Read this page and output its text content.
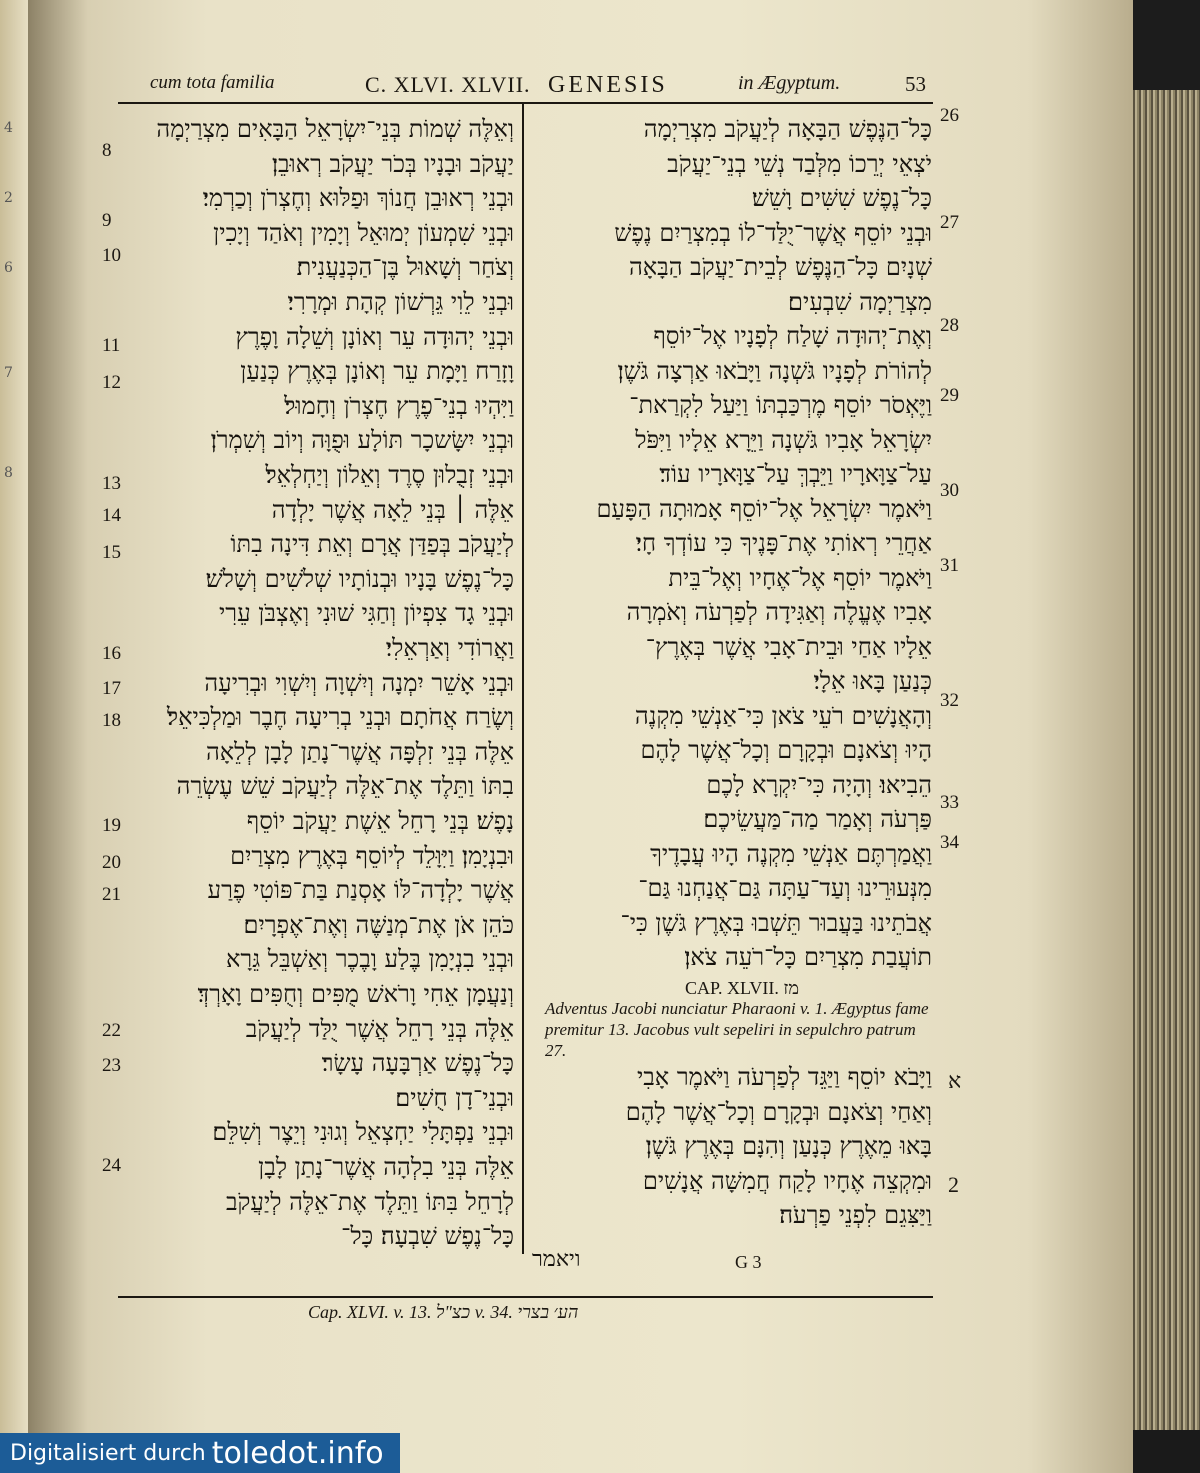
4
2
6
7
8
cum tota familia	C. XLVI. XLVII. GENESIS	in Ægyptum.	53
וְאֵלֶּה שְׁמוֹת בְּנֵי־יִשְׂרָאֵל הַבָּאִים מִצְרַיְמָה
יַעֲקֹב וּבָנָיו בְּכֹר יַעֲקֹב רְאוּבֵן׃
וּבְנֵי רְאוּבֵן חֲנוֹךְ וּפַלּוּא וְחֶצְרֹן וְכַרְמִי׃
וּבְנֵי שִׁמְעוֹן יְמוּאֵל וְיָמִין וְאֹהַד וְיָכִין
וְצֹחַר וְשָׁאוּל בֶּן־הַכְּנַעֲנִית׃
וּבְנֵי לֵוִי גֵּרְשׁוֹן קְהָת וּמְרָרִי׃
וּבְנֵי יְהוּדָה עֵר וְאוֹנָן וְשֵׁלָה וָפֶרֶץ
וָזָרַח וַיָּמָת עֵר וְאוֹנָן בְּאֶרֶץ כְּנַעַן
וַיִּהְיוּ בְנֵי־פֶרֶץ חֶצְרֹן וְחָמוּל׃
וּבְנֵי יִשָּׂשכָר תּוֹלָע וּפֻוָּה וְיוֹב וְשִׁמְרֹן׃
וּבְנֵי זְבֻלוּן סֶרֶד וְאֵלוֹן וְיַחְלְאֵל׃
אֵלֶּה ׀ בְּנֵי לֵאָה אֲשֶׁר יָלְדָה
לְיַעֲקֹב בְּפַדַּן אֲרָם וְאֵת דִּינָה בִתּוֹ
כָּל־נֶפֶשׁ בָּנָיו וּבְנוֹתָיו שְׁלֹשִׁים וְשָׁלֹשׁ׃
וּבְנֵי גָד צִפְיוֹן וְחַגִּי שׁוּנִי וְאֶצְבֹּן עֵרִי
וַאֲרוֹדִי וְאַרְאֵלִי׃
וּבְנֵי אָשֵׁר יִמְנָה וְיִשְׁוָה וְיִשְׁוִי וּבְרִיעָה
וְשֶׂרַח אֲחֹתָם וּבְנֵי בְרִיעָה חֶבֶר וּמַלְכִּיאֵל׃
אֵלֶּה בְּנֵי זִלְפָּה אֲשֶׁר־נָתַן לָבָן לְלֵאָה
בִתּוֹ וַתֵּלֶד אֶת־אֵלֶּה לְיַעֲקֹב שֵׁשׁ עֶשְׂרֵה
נָפֶשׁ׃ בְּנֵי רָחֵל אֵשֶׁת יַעֲקֹב יוֹסֵף
וּבִנְיָמִן׃ וַיִּוָּלֵד לְיוֹסֵף בְּאֶרֶץ מִצְרַיִם
אֲשֶׁר יָלְדָה־לּוֹ אָסְנַת בַּת־פּוֹטִי פֶרַע
כֹּהֵן אֹן אֶת־מְנַשֶּׁה וְאֶת־אֶפְרָיִם׃
וּבְנֵי בִנְיָמִן בֶּלַע וָבֶכֶר וְאַשְׁבֵּל גֵּרָא
וְנַעֲמָן אֵחִי וָרֹאשׁ מֻפִּים וְחֻפִּים וָאָרְדְּ׃
אֵלֶּה בְּנֵי רָחֵל אֲשֶׁר יֻלַּד לְיַעֲקֹב
כָּל־נֶפֶשׁ אַרְבָּעָה עָשָׂר׃
וּבְנֵי־דָן חֻשִׁים׃
וּבְנֵי נַפְתָּלִי יַחְצְאֵל וְגוּנִי וְיֵצֶר וְשִׁלֵּם׃
אֵלֶּה בְּנֵי בִלְהָה אֲשֶׁר־נָתַן לָבָן
לְרָחֵל בִּתּוֹ וַתֵּלֶד אֶת־אֵלֶּה לְיַעֲקֹב
כָּל־נֶפֶשׁ שִׁבְעָה׃ כָּל־
כָּל־הַנֶּפֶשׁ הַבָּאָה לְיַעֲקֹב מִצְרַיְמָה
יֹצְאֵי יְרֵכוֹ מִלְּבַד נְשֵׁי בְנֵי־יַעֲקֹב
כָּל־נֶפֶשׁ שִׁשִּׁים וָשֵׁשׁ׃
וּבְנֵי יוֹסֵף אֲשֶׁר־יֻלַּד־לוֹ בְמִצְרַיִם נֶפֶשׁ
שְׁנָיִם כָּל־הַנֶּפֶשׁ לְבֵית־יַעֲקֹב הַבָּאָה
מִצְרַיְמָה שִׁבְעִים׃
וְאֶת־יְהוּדָה שָׁלַח לְפָנָיו אֶל־יוֹסֵף
לְהוֹרֹת לְפָנָיו גֹּשְׁנָה וַיָּבֹאוּ אַרְצָה גֹּשֶׁן׃
וַיֶּאְסֹר יוֹסֵף מֶרְכַּבְתּוֹ וַיַּעַל לִקְרַאת־
יִשְׂרָאֵל אָבִיו גֹּשְׁנָה וַיֵּרָא אֵלָיו וַיִּפֹּל
עַל־צַוָּארָיו וַיֵּבְךְּ עַל־צַוָּארָיו עוֹד׃
וַיֹּאמֶר יִשְׂרָאֵל אֶל־יוֹסֵף אָמוּתָה הַפָּעַם
אַחֲרֵי רְאוֹתִי אֶת־פָּנֶיךָ כִּי עוֹדְךָ חָי׃
וַיֹּאמֶר יוֹסֵף אֶל־אֶחָיו וְאֶל־בֵּית
אָבִיו אֶעֱלֶה וְאַגִּידָה לְפַרְעֹה וְאֹמְרָה
אֵלָיו אַחַי וּבֵית־אָבִי אֲשֶׁר בְּאֶרֶץ־
כְּנַעַן בָּאוּ אֵלָי׃
וְהָאֲנָשִׁים רֹעֵי צֹאן כִּי־אַנְשֵׁי מִקְנֶה
הָיוּ וְצֹאנָם וּבְקָרָם וְכָל־אֲשֶׁר לָהֶם
הֵבִיאוּ׃ וְהָיָה כִּי־יִקְרָא לָכֶם
פַּרְעֹה וְאָמַר מַה־מַּעֲשֵׂיכֶם׃
וַאֲמַרְתֶּם אַנְשֵׁי מִקְנֶה הָיוּ עֲבָדֶיךָ
מִנְּעוּרֵינוּ וְעַד־עַתָּה גַּם־אֲנַחְנוּ גַּם־
אֲבֹתֵינוּ בַּעֲבוּר תֵּשְׁבוּ בְּאֶרֶץ גֹּשֶׁן כִּי־
תוֹעֲבַת מִצְרַיִם כָּל־רֹעֵה צֹאן׃
וַיָּבֹא יוֹסֵף וַיַּגֵּד לְפַרְעֹה וַיֹּאמֶר אָבִי
וְאַחַי וְצֹאנָם וּבְקָרָם וְכָל־אֲשֶׁר לָהֶם
בָּאוּ מֵאֶרֶץ כְּנָעַן וְהִנָּם בְּאֶרֶץ גֹּשֶׁן׃
וּמִקְצֵה אֶחָיו לָקַח חֲמִשָּׁה אֲנָשִׁים
וַיַּצִּגֵם לִפְנֵי פַרְעֹה׃
CAP. XLVII. מז
Adventus Jacobi nunciatur Pharaoni v. 1. Ægyptus fame premitur 13. Jacobus vult sepeliri in sepulchro patrum 27.
ויאמר	G 3
Cap. XLVI. v. 13. כצ"ל v. 34. הע׳ בצרי
Digitalisiert durch toledot.info
8
9
10
11
12
13
14
15
16
17
18
19
20
21
22
23
24
26
27
28
29
30
31
32
33
34
א
2
